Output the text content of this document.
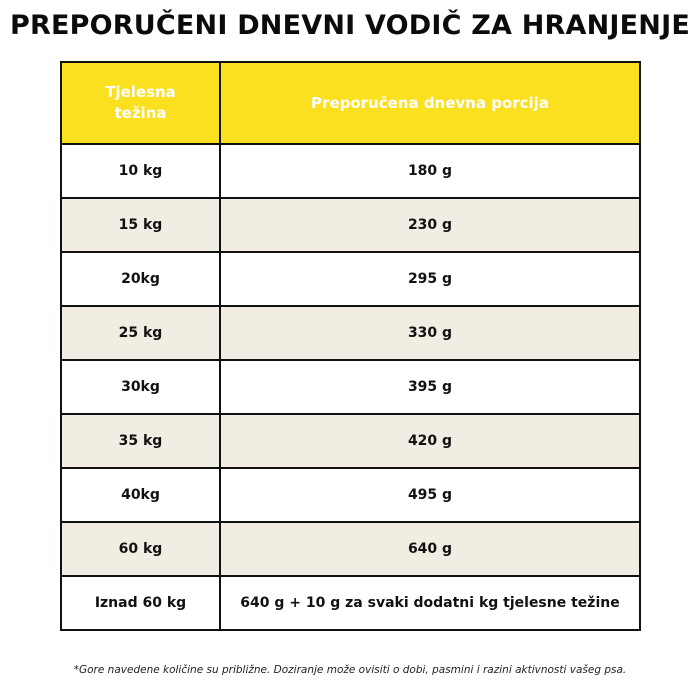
PREPORUČENI DNEVNI VODIČ ZA HRANJENJE
Tjelesna
težina	Preporučena dnevna porcija
10 kg	180 g
15 kg	230 g
20kg	295 g
25 kg	330 g
30kg	395 g
35 kg	420 g
40kg	495 g
60 kg	640 g
Iznad 60 kg	640 g + 10 g za svaki dodatni kg tjelesne težine
*Gore navedene količine su približne. Doziranje može ovisiti o dobi, pasmini i razini aktivnosti vašeg psa.
